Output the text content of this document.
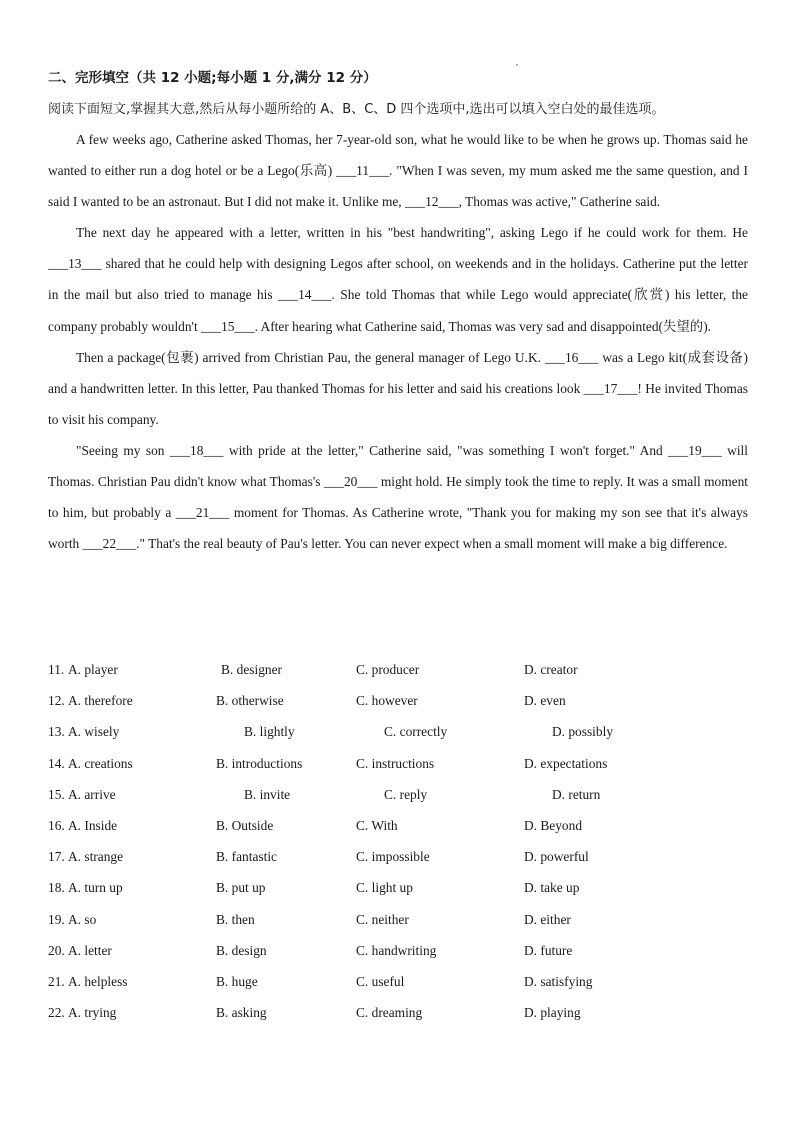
二、完形填空（共 12 小题;每小题 1 分,满分 12 分）
阅读下面短文,掌握其大意,然后从每小题所给的 A、B、C、D 四个选项中,选出可以填入空白处的最佳选项。

A few weeks ago, Catherine asked Thomas, her 7-year-old son, what he would like to be when he grows up. Thomas said he wanted to either run a dog hotel or be a Lego(乐高) ___11___. "When I was seven, my mum asked me the same question, and I said I wanted to be an astronaut. But I did not make it. Unlike me, ___12___, Thomas was active," Catherine said.

The next day he appeared with a letter, written in his "best handwriting", asking Lego if he could work for them. He ___13___ shared that he could help with designing Legos after school, on weekends and in the holidays. Catherine put the letter in the mail but also tried to manage his ___14___. She told Thomas that while Lego would appreciate(欣赏) his letter, the company probably wouldn't ___15___. After hearing what Catherine said, Thomas was very sad and disappointed(失望的).

Then a package(包裹) arrived from Christian Pau, the general manager of Lego U.K. ___16___ was a Lego kit(成套设备) and a handwritten letter. In this letter, Pau thanked Thomas for his letter and said his creations look ___17___! He invited Thomas to visit his company.

"Seeing my son ___18___ with pride at the letter," Catherine said, "was something I won't forget." And ___19___ will Thomas. Christian Pau didn't know what Thomas's ___20___ might hold. He simply took the time to reply. It was a small moment to him, but probably a ___21___ moment for Thomas. As Catherine wrote, "Thank you for making my son see that it's always worth ___22___." That's the real beauty of Pau's letter. You can never expect when a small moment will make a big difference.

11. A. player	B. designer	C. producer	D. creator
12. A. therefore	B. otherwise	C. however	D. even
13. A. wisely	B. lightly	C. correctly	D. possibly
14. A. creations	B. introductions	C. instructions	D. expectations
15. A. arrive	B. invite	C. reply	D. return
16. A. Inside	B. Outside	C. With	D. Beyond
17. A. strange	B. fantastic	C. impossible	D. powerful
18. A. turn up	B. put up	C. light up	D. take up
19. A. so	B. then	C. neither	D. either
20. A. letter	B. design	C. handwriting	D. future
21. A. helpless	B. huge	C. useful	D. satisfying
22. A. trying	B. asking	C. dreaming	D. playing
